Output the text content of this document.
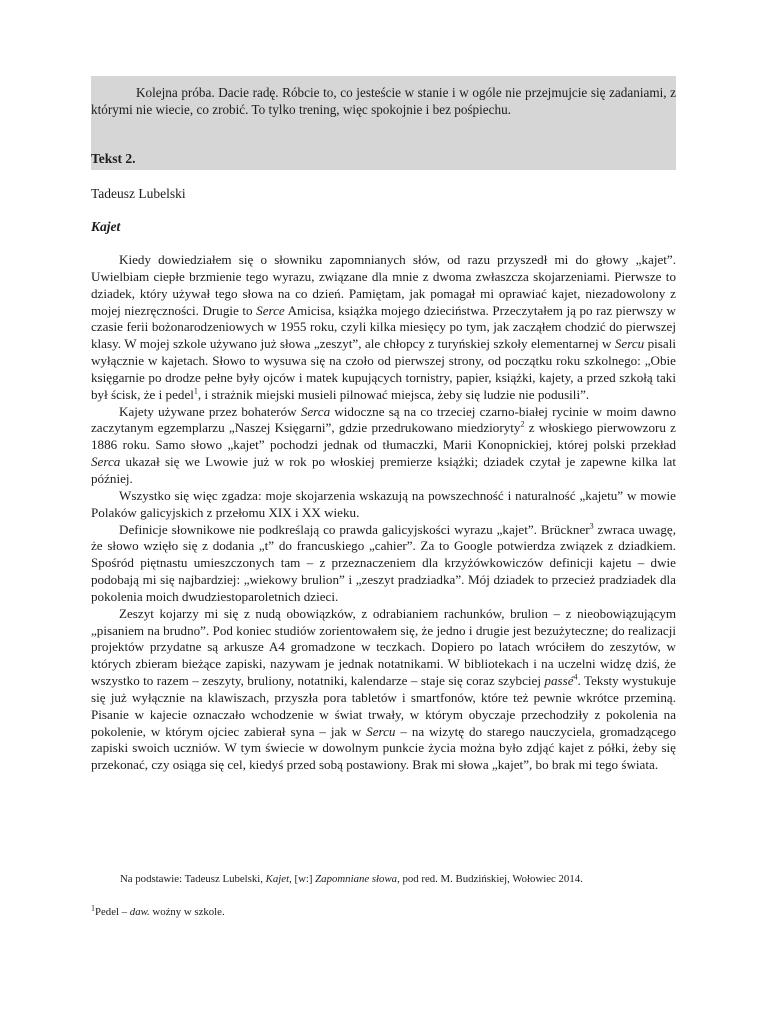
Kolejna próba. Dacie radę. Róbcie to, co jesteście w stanie i w ogóle nie przejmujcie się zadaniami, z którymi nie wiecie, co zrobić. To tylko trening, więc spokojnie i bez pośpiechu.

Tekst 2.

Tadeusz Lubelski

Kajet

Kiedy dowiedziałem się o słowniku zapomnianych słów, od razu przyszedł mi do głowy „kajet”. Uwielbiam ciepłe brzmienie tego wyrazu, związane dla mnie z dwoma zwłaszcza skojarzeniami. Pierwsze to dziadek, który używał tego słowa na co dzień. Pamiętam, jak pomagał mi oprawiać kajet, niezadowolony z mojej niezręczności. Drugie to Serce Amicisa, książka mojego dzieciństwa. Przeczytałem ją po raz pierwszy w czasie ferii bożonarodzeniowych w 1955 roku, czyli kilka miesięcy po tym, jak zacząłem chodzić do pierwszej klasy. W mojej szkole używano już słowa „zeszyt”, ale chłopcy z turyńskiej szkoły elementarnej w Sercu pisali wyłącznie w kajetach. Słowo to wysuwa się na czoło od pierwszej strony, od początku roku szkolnego: „Obie księgarnie po drodze pełne były ojców i matek kupujących tornistry, papier, książki, kajety, a przed szkołą taki był ścisk, że i pedel$^1$, i strażnik miejski musieli pilnować miejsca, żeby się ludzie nie podusili”.

Kajety używane przez bohaterów Serca widoczne są na co trzeciej czarno-białej rycinie w moim dawno zaczytanym egzemplarzu „Naszej Księgarni”, gdzie przedrukowano miedzioryty$^2$ z włoskiego pierwowzoru z 1886 roku. Samo słowo „kajet” pochodzi jednak od tłumaczki, Marii Konopnickiej, której polski przekład Serca ukazał się we Lwowie już w rok po włoskiej premierze książki; dziadek czytał je zapewne kilka lat później.

Wszystko się więc zgadza: moje skojarzenia wskazują na powszechność i naturalność „kajetu” w mowie Polaków galicyjskich z przełomu XIX i XX wieku.

Definicje słownikowe nie podkreślają co prawda galicyjskości wyrazu „kajet”. Brückner$^3$ zwraca uwagę, że słowo wzięło się z dodania „t” do francuskiego „cahier”. Za to Google potwierdza związek z dziadkiem. Spośród piętnastu umieszczonych tam – z przeznaczeniem dla krzyżówkowiczów definicji kajetu – dwie podobają mi się najbardziej: „wiekowy brulion” i „zeszyt pradziadka”. Mój dziadek to przecież pradziadek dla pokolenia moich dwudziestoparoletnich dzieci.

Zeszyt kojarzy mi się z nudą obowiązków, z odrabianiem rachunków, brulion – z nieobowiązującym „pisaniem na brudno”. Pod koniec studiów zorientowałem się, że jedno i drugie jest bezużyteczne; do realizacji projektów przydatne są arkusze A4 gromadzone w teczkach. Dopiero po latach wróciłem do zeszytów, w których zbieram bieżące zapiski, nazywam je jednak notatnikami. W bibliotekach i na uczelni widzę dziś, że wszystko to razem – zeszyty, bruliony, notatniki, kalendarze – staje się coraz szybciej passé$^4$. Teksty wystukuje się już wyłącznie na klawiszach, przyszła pora tabletów i smartfonów, które też pewnie wkrótce przeminą. Pisanie w kajecie oznaczało wchodzenie w świat trwały, w którym obyczaje przechodziły z pokolenia na pokolenie, w którym ojciec zabierał syna – jak w Sercu – na wizytę do starego nauczyciela, gromadzącego zapiski swoich uczniów. W tym świecie w dowolnym punkcie życia można było zdjąć kajet z półki, żeby się przekonać, czy osiąga się cel, kiedyś przed sobą postawiony. Brak mi słowa „kajet”, bo brak mi tego świata.

Na podstawie: Tadeusz Lubelski, Kajet, [w:] Zapomniane słowa, pod red. M. Budzińskiej, Wołowiec 2014.

$^1$Pedel – daw. woźny w szkole.
